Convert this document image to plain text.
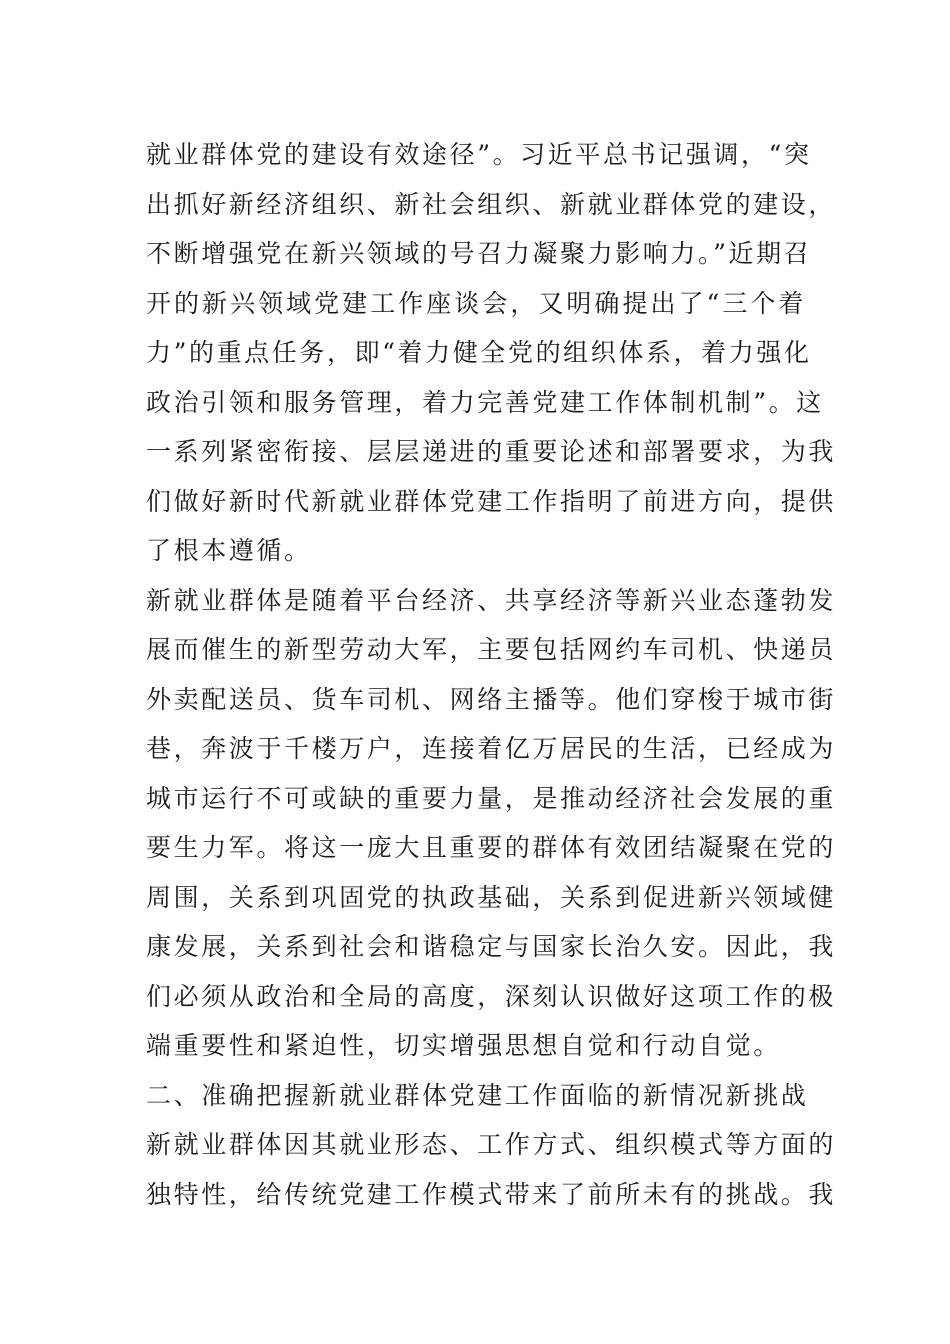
就业群体党的建设有效途径”。习近平总书记强调，“突
出抓好新经济组织、新社会组织、新就业群体党的建设，
不断增强党在新兴领域的号召力凝聚力影响力。”近期召
开的新兴领域党建工作座谈会，又明确提出了“三个着
力”的重点任务，即“着力健全党的组织体系，着力强化
政治引领和服务管理，着力完善党建工作体制机制”。这
一系列紧密衔接、层层递进的重要论述和部署要求，为我
们做好新时代新就业群体党建工作指明了前进方向，提供
了根本遵循。
新就业群体是随着平台经济、共享经济等新兴业态蓬勃发
展而催生的新型劳动大军，主要包括网约车司机、快递员
外卖配送员、货车司机、网络主播等。他们穿梭于城市街
巷，奔波于千楼万户，连接着亿万居民的生活，已经成为
城市运行不可或缺的重要力量，是推动经济社会发展的重
要生力军。将这一庞大且重要的群体有效团结凝聚在党的
周围，关系到巩固党的执政基础，关系到促进新兴领域健
康发展，关系到社会和谐稳定与国家长治久安。因此，我
们必须从政治和全局的高度，深刻认识做好这项工作的极
端重要性和紧迫性，切实增强思想自觉和行动自觉。
二、准确把握新就业群体党建工作面临的新情况新挑战
新就业群体因其就业形态、工作方式、组织模式等方面的
独特性，给传统党建工作模式带来了前所未有的挑战。我
